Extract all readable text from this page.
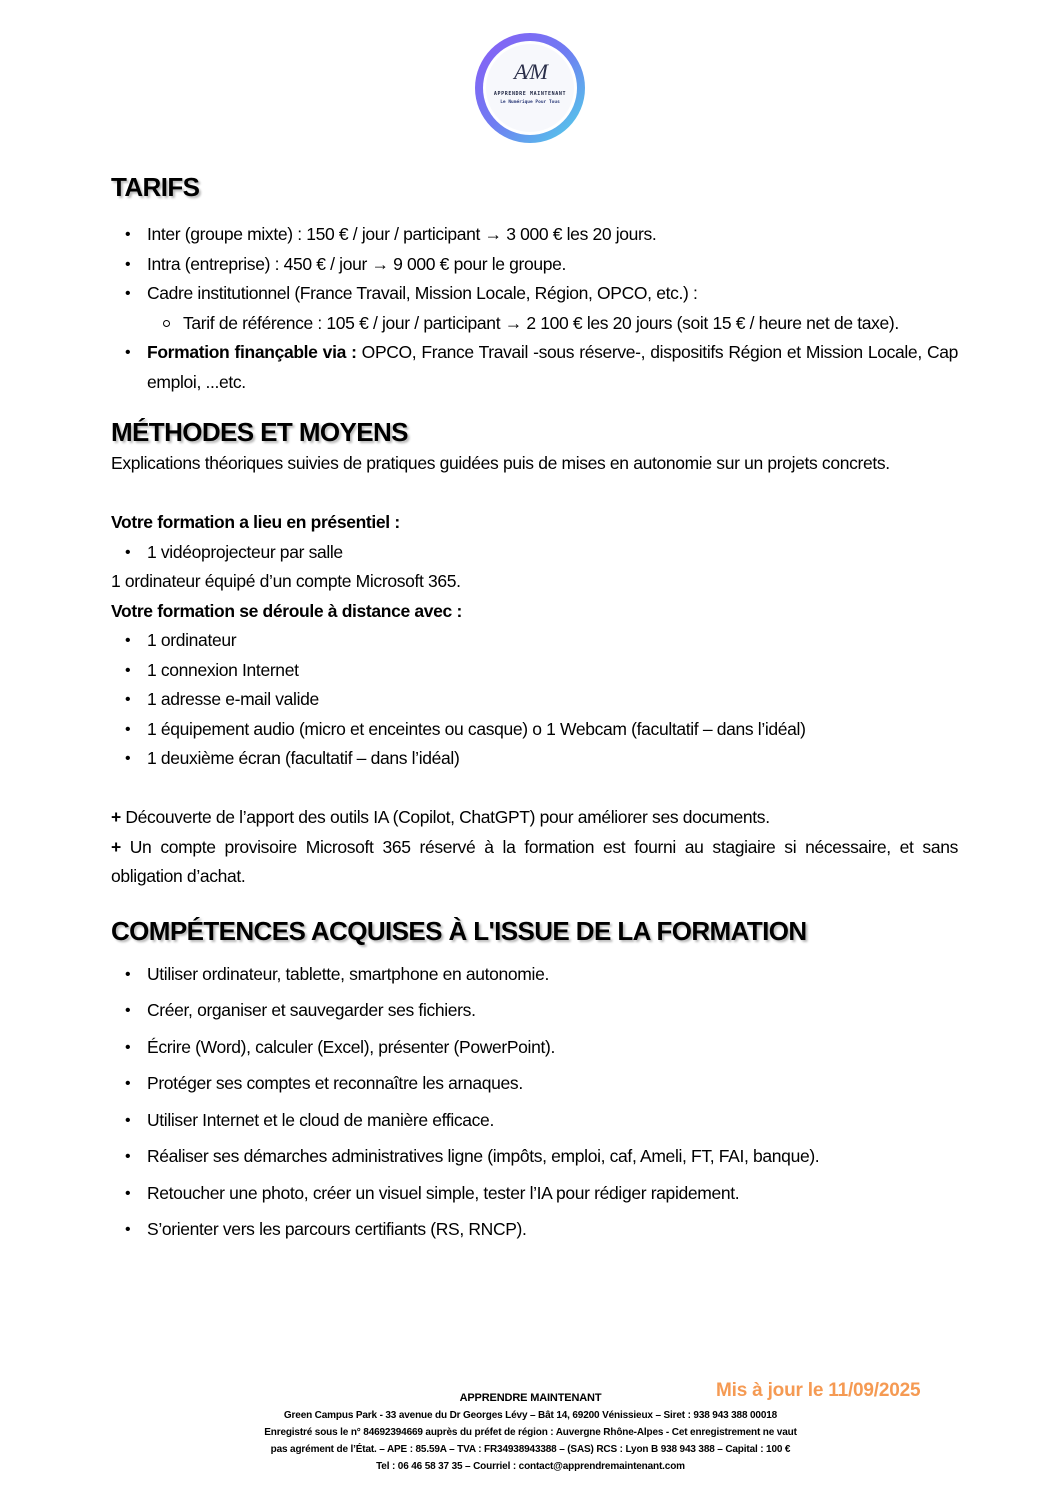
A/M
APPRENDRE MAINTENANT
Le Numérique Pour Tous
TARIFS
• Inter (groupe mixte) : 150 € / jour / participant → 3 000 € les 20 jours.
• Intra (entreprise) : 450 € / jour → 9 000 € pour le groupe.
• Cadre institutionnel (France Travail, Mission Locale, Région, OPCO, etc.) :
Tarif de référence : 105 € / jour / participant → 2 100 € les 20 jours (soit 15 € / heure net de taxe).
• Formation finançable via : OPCO, France Travail -sous réserve-, dispositifs Région et Mission Locale, Cap emploi, ...etc.
MÉTHODES ET MOYENS

Explications théoriques suivies de pratiques guidées puis de mises en autonomie sur un projets concrets.

Votre formation a lieu en présentiel :

• 1 vidéoprojecteur par salle

1 ordinateur équipé d’un compte Microsoft 365.

Votre formation se déroule à distance avec :

• 1 ordinateur
• 1 connexion Internet
• 1 adresse e-mail valide
• 1 équipement audio (micro et enceintes ou casque) o 1 Webcam (facultatif – dans l’idéal)
• 1 deuxième écran (facultatif – dans l’idéal)

+ Découverte de l’apport des outils IA (Copilot, ChatGPT) pour améliorer ses documents.

+ Un compte provisoire Microsoft 365 réservé à la formation est fourni au stagiaire si nécessaire, et sans obligation d’achat.

COMPÉTENCES ACQUISES À L'ISSUE DE LA FORMATION
• Utiliser ordinateur, tablette, smartphone en autonomie.
• Créer, organiser et sauvegarder ses fichiers.
• Écrire (Word), calculer (Excel), présenter (PowerPoint).
• Protéger ses comptes et reconnaître les arnaques.
• Utiliser Internet et le cloud de manière efficace.
• Réaliser ses démarches administratives ligne (impôts, emploi, caf, Ameli, FT, FAI, banque).
• Retoucher une photo, créer un visuel simple, tester l’IA pour rédiger rapidement.
• S’orienter vers les parcours certifiants (RS, RNCP).
Mis à jour le 11/09/2025
APPRENDRE MAINTENANT
Green Campus Park - 33 avenue du Dr Georges Lévy – Bât 14, 69200 Vénissieux – Siret : 938 943 388 00018
Enregistré sous le n° 84692394669 auprès du préfet de région : Auvergne Rhône-Alpes - Cet enregistrement ne vaut
pas agrément de l’État. – APE : 85.59A – TVA : FR34938943388 – (SAS) RCS : Lyon B 938 943 388 – Capital : 100 €
Tel : 06 46 58 37 35 – Courriel : contact@apprendremaintenant.com
